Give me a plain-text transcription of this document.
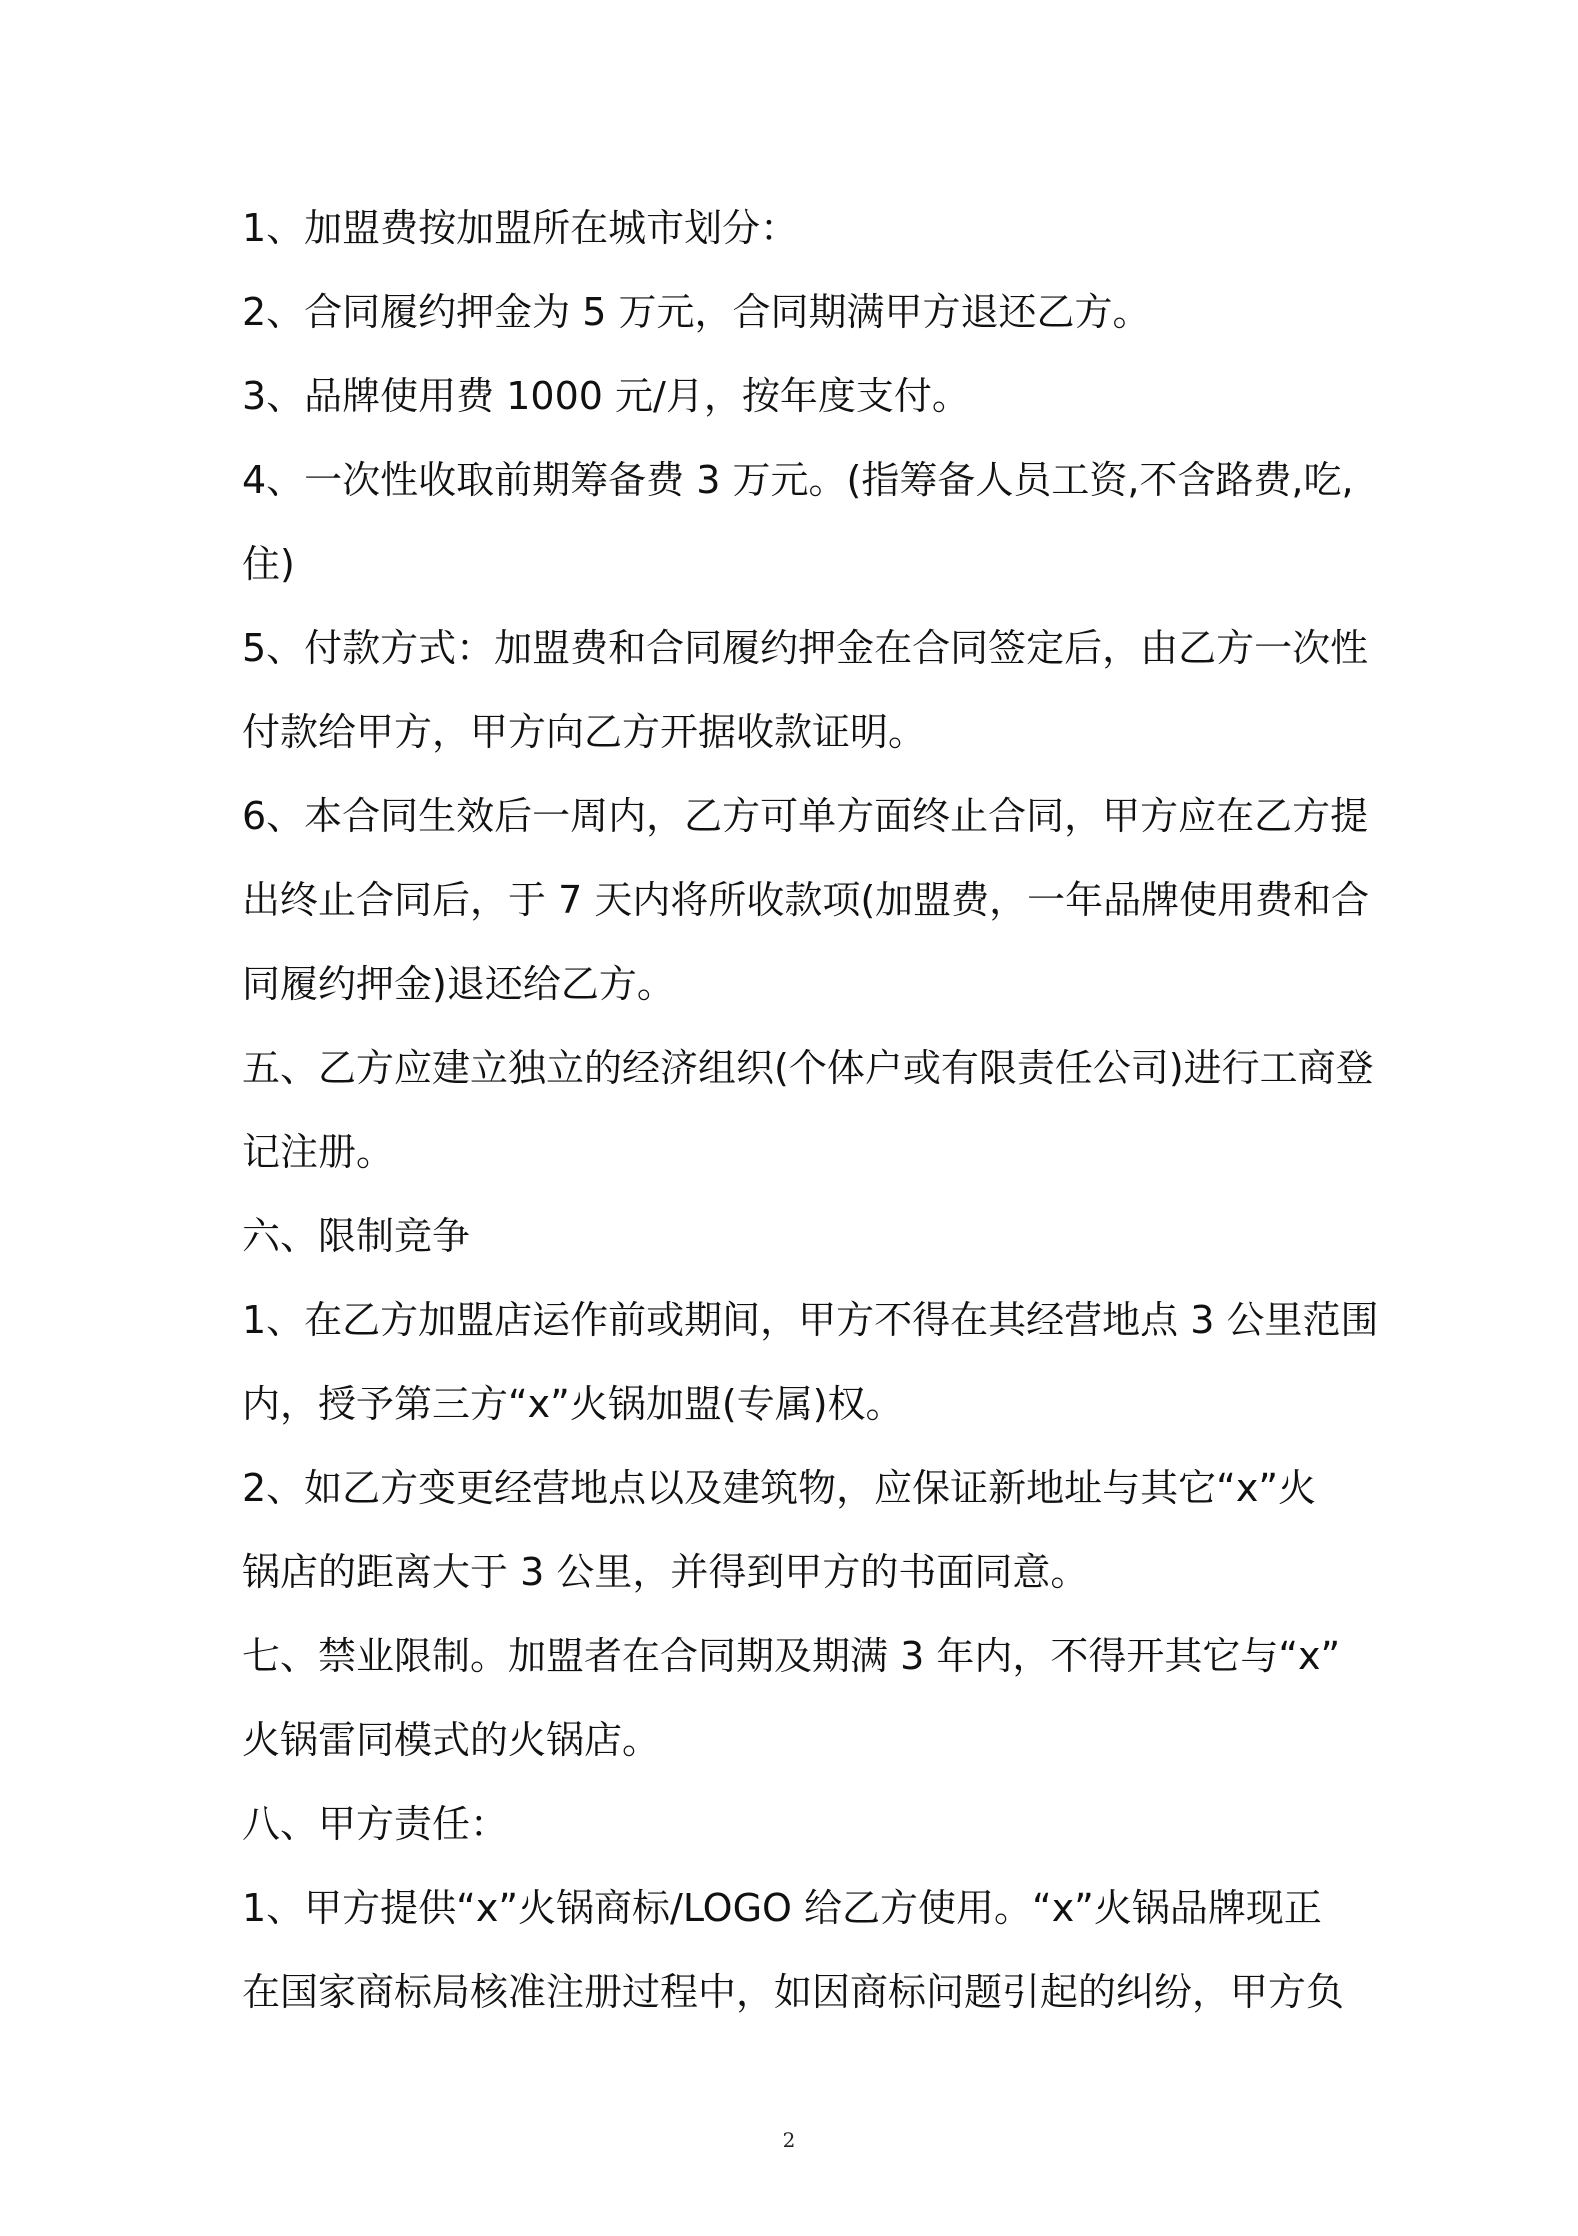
1、加盟费按加盟所在城市划分：
2、合同履约押金为 5 万元，合同期满甲方退还乙方。
3、品牌使用费 1000 元/月，按年度支付。
4、一次性收取前期筹备费 3 万元。(指筹备人员工资,不含路费,吃,
住)
5、付款方式：加盟费和合同履约押金在合同签定后，由乙方一次性
付款给甲方，甲方向乙方开据收款证明。
6、本合同生效后一周内，乙方可单方面终止合同，甲方应在乙方提
出终止合同后，于 7 天内将所收款项(加盟费，一年品牌使用费和合
同履约押金)退还给乙方。
五、乙方应建立独立的经济组织(个体户或有限责任公司)进行工商登
记注册。
六、限制竞争
1、在乙方加盟店运作前或期间，甲方不得在其经营地点 3 公里范围
内，授予第三方“x”火锅加盟(专属)权。
2、如乙方变更经营地点以及建筑物，应保证新地址与其它“x”火
锅店的距离大于 3 公里，并得到甲方的书面同意。
七、禁业限制。加盟者在合同期及期满 3 年内，不得开其它与“x”
火锅雷同模式的火锅店。
八、甲方责任：
1、甲方提供“x”火锅商标/LOGO 给乙方使用。“x”火锅品牌现正
在国家商标局核准注册过程中，如因商标问题引起的纠纷，甲方负
2
